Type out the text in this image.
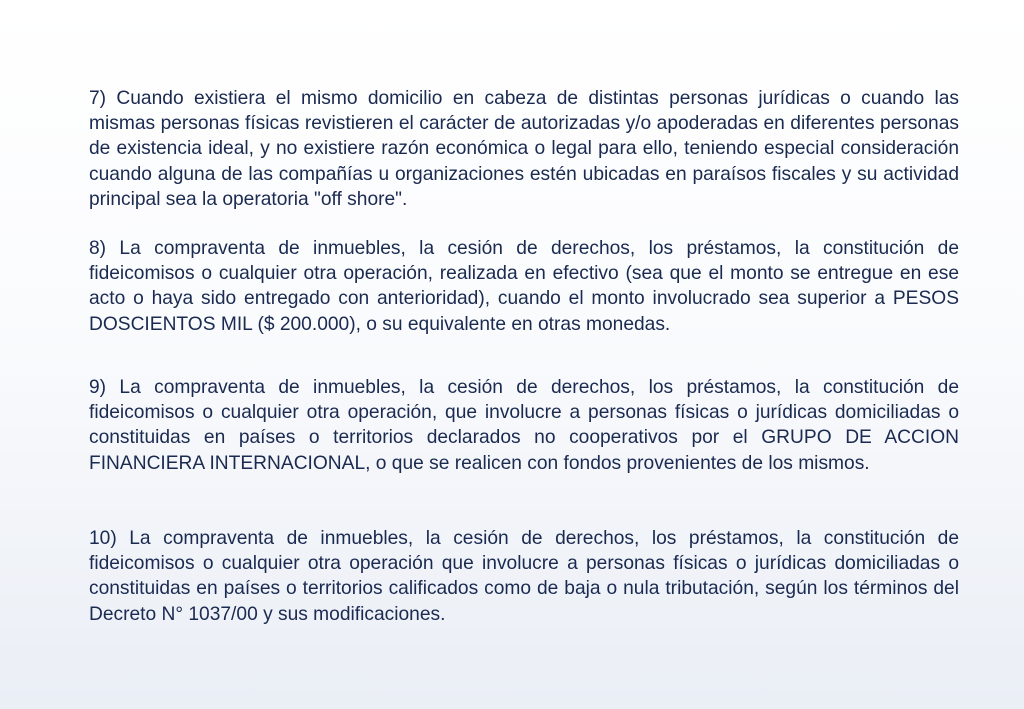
7) Cuando existiera el mismo domicilio en cabeza de distintas personas jurídicas o cuando las mismas personas físicas revistieren el carácter de autorizadas y/o apoderadas en diferentes personas de existencia ideal, y no existiere razón económica o legal para ello, teniendo especial consideración cuando alguna de las compañías u organizaciones estén ubicadas en paraísos fiscales y su actividad principal sea la operatoria "off shore".

8) La compraventa de inmuebles, la cesión de derechos, los préstamos, la constitución de fideicomisos o cualquier otra operación, realizada en efectivo (sea que el monto se entregue en ese acto o haya sido entregado con anterioridad), cuando el monto involucrado sea superior a PESOS DOSCIENTOS MIL ($ 200.000), o su equivalente en otras monedas.

9) La compraventa de inmuebles, la cesión de derechos, los préstamos, la constitución de fideicomisos o cualquier otra operación, que involucre a personas físicas o jurídicas domiciliadas o constituidas en países o territorios declarados no cooperativos por el GRUPO DE ACCION FINANCIERA INTERNACIONAL, o que se realicen con fondos provenientes de los mismos.

10) La compraventa de inmuebles, la cesión de derechos, los préstamos, la constitución de fideicomisos o cualquier otra operación que involucre a personas físicas o jurídicas domiciliadas o constituidas en países o territorios calificados como de baja o nula tributación, según los términos del Decreto N° 1037/00 y sus modificaciones.
